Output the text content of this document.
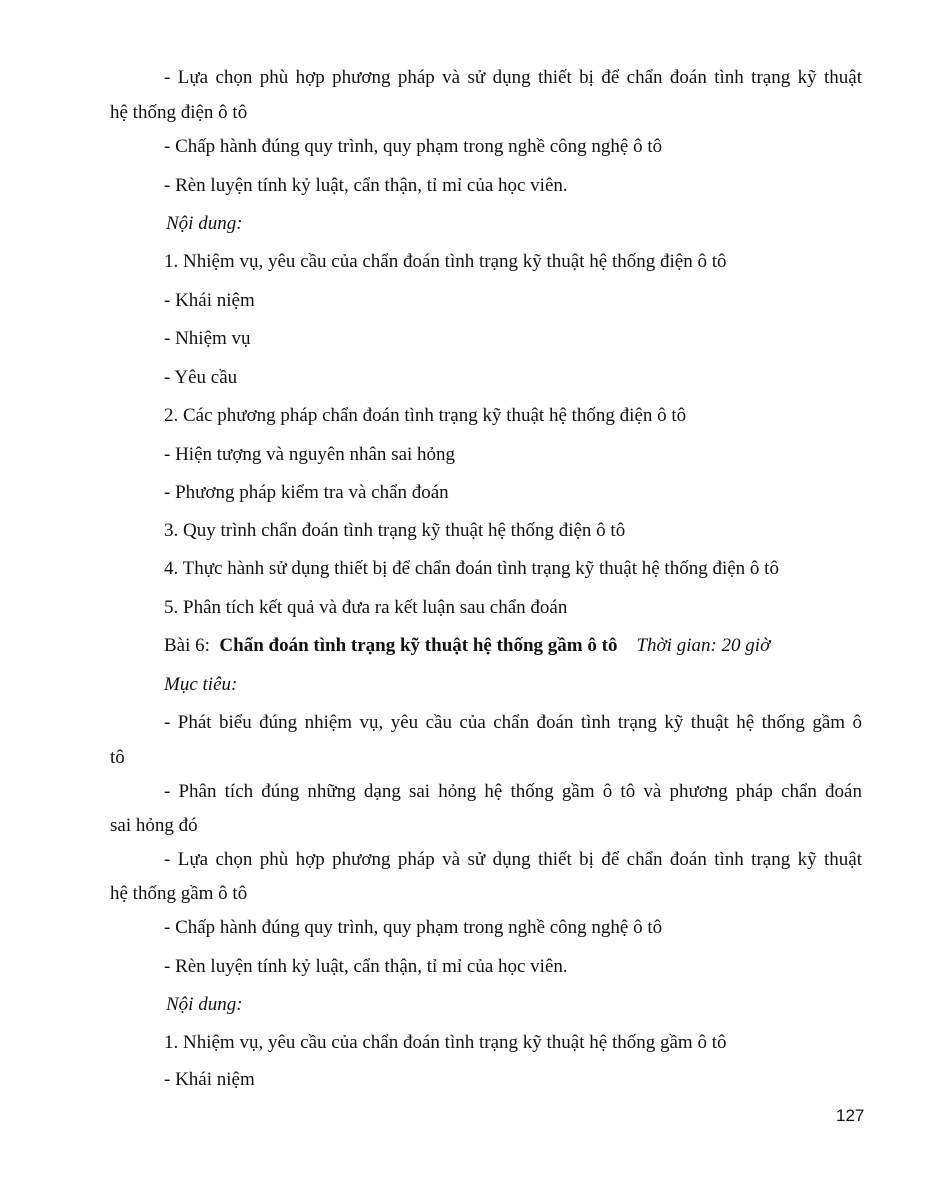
- Lựa chọn phù hợp phương pháp và sử dụng thiết bị để chẩn đoán tình trạng kỹ thuật
hệ thống điện ô tô
- Chấp hành đúng quy trình, quy phạm trong nghề công nghệ ô tô
- Rèn luyện tính kỷ luật, cẩn thận, tỉ mỉ của học viên.
Nội dung:
1. Nhiệm vụ, yêu cầu của chẩn đoán tình trạng kỹ thuật hệ thống điện ô tô
- Khái niệm
- Nhiệm vụ
- Yêu cầu
2. Các phương pháp chẩn đoán tình trạng kỹ thuật hệ thống điện ô tô
- Hiện tượng và nguyên nhân sai hỏng
- Phương pháp kiểm tra và chẩn đoán
3. Quy trình chẩn đoán tình trạng kỹ thuật hệ thống điện ô tô
4. Thực hành sử dụng thiết bị để chẩn đoán tình trạng kỹ thuật hệ thống điện ô tô
5. Phân tích kết quả và đưa ra kết luận sau chẩn đoán
Bài 6: Chẩn đoán tình trạng kỹ thuật hệ thống gầm ô tô Thời gian: 20 giờ
Mục tiêu:
- Phát biểu đúng nhiệm vụ, yêu cầu của chẩn đoán tình trạng kỹ thuật hệ thống gầm ô
tô
- Phân tích đúng những dạng sai hỏng hệ thống gầm ô tô và phương pháp chẩn đoán
sai hỏng đó
- Lựa chọn phù hợp phương pháp và sử dụng thiết bị để chẩn đoán tình trạng kỹ thuật
hệ thống gầm ô tô
- Chấp hành đúng quy trình, quy phạm trong nghề công nghệ ô tô
- Rèn luyện tính kỷ luật, cẩn thận, tỉ mỉ của học viên.
Nội dung:
1. Nhiệm vụ, yêu cầu của chẩn đoán tình trạng kỹ thuật hệ thống gầm ô tô
- Khái niệm
127
